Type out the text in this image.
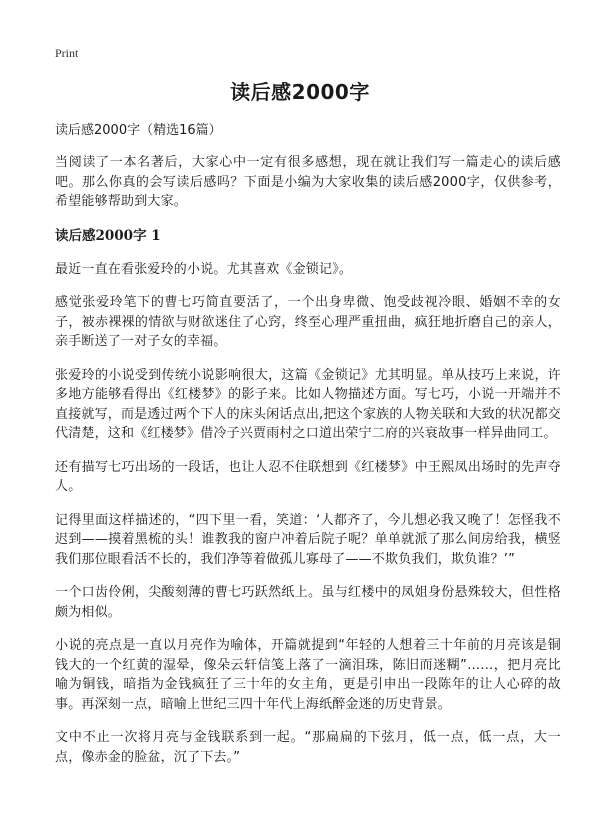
Print
读后感2000字
读后感2000字（精选16篇）

当阅读了一本名著后，大家心中一定有很多感想，现在就让我们写一篇走心的读后感吧。那么你真的会写读后感吗？下面是小编为大家收集的读后感2000字，仅供参考，希望能够帮助到大家。

读后感2000字 1

最近一直在看张爱玲的小说。尤其喜欢《金锁记》。

感觉张爱玲笔下的曹七巧简直要活了，一个出身卑微、饱受歧视冷眼、婚姻不幸的女子，被赤裸裸的情欲与财欲迷住了心窍，终至心理严重扭曲，疯狂地折磨自己的亲人，亲手断送了一对子女的幸福。

张爱玲的小说受到传统小说影响很大，这篇《金锁记》尤其明显。单从技巧上来说，许多地方能够看得出《红楼梦》的影子来。比如人物描述方面。写七巧，小说一开端并不直接就写，而是透过两个下人的床头闲话点出,把这个家族的人物关联和大致的状况都交代清楚，这和《红楼梦》借冷子兴贾雨村之口道出荣宁二府的兴衰故事一样异曲同工。

还有描写七巧出场的一段话，也让人忍不住联想到《红楼梦》中王熙凤出场时的先声夺人。

记得里面这样描述的，“四下里一看，笑道：‘人都齐了，今儿想必我又晚了！怎怪我不迟到——摸着黑梳的头！谁教我的窗户冲着后院子呢？单单就派了那么间房给我，横竖我们那位眼看活不长的，我们净等着做孤儿寡母了——不欺负我们，欺负谁？’”

一个口齿伶俐，尖酸刻薄的曹七巧跃然纸上。虽与红楼中的凤姐身份悬殊较大，但性格颇为相似。

小说的亮点是一直以月亮作为喻体，开篇就提到“年轻的人想着三十年前的月亮该是铜钱大的一个红黄的湿晕，像朵云轩信笺上落了一滴泪珠，陈旧而迷糊”……，把月亮比喻为铜钱，暗指为金钱疯狂了三十年的女主角，更是引申出一段陈年的让人心碎的故事。再深刻一点，暗喻上世纪三四十年代上海纸醉金迷的历史背景。

文中不止一次将月亮与金钱联系到一起。“那扁扁的下弦月，低一点，低一点，大一点，像赤金的脸盆，沉了下去。”
